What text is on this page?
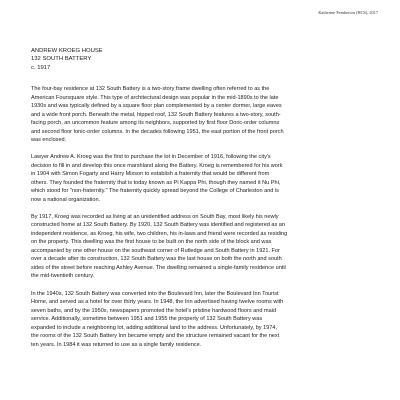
Katherine Pemberton (HCS), 2017
ANDREW KROEG HOUSE
132 SOUTH BATTERY
c. 1917
The four-bay residence at 132 South Battery is a two-story frame dwelling often referred to as the
American Foursquare style. This type of architectural design was popular in the mid-1890s to the late
1930s and was typically defined by a square floor plan complemented by a center dormer, large eaves
and a wide front porch. Beneath the metal, hipped roof, 132 South Battery features a two-story, south-
facing porch, an uncommon feature among its neighbors, supported by first floor Doric-order columns
and second floor Ionic-order columns. In the decades following 1951, the east portion of the front porch
was enclosed.
Lawyer Andrew A. Kroeg was the first to purchase the lot in December of 1916, following the city's
decision to fill in and develop this once marshland along the Battery. Kroeg is remembered for his work
in 1904 with Simon Fogarty and Harry Mixson to establish a fraternity that would be different from
others. They founded the fraternity that is today known as Pi Kappa Phi, though they named it Nu Phi,
which stood for "non-fraternity." The fraternity quickly spread beyond the College of Charleston and is
now a national organization.
By 1917, Kroeg was recorded as living at an unidentified address on South Bay, most likely his newly
constructed home at 132 South Battery. By 1920, 132 South Battery was identified and registered as an
independent residence, as Kroeg, his wife, two children, his in-laws and friend were recorded as residing
on the property. This dwelling was the first house to be built on the north side of the block and was
accompanied by one other house on the southeast corner of Rutledge and South Battery in 1921. For
over a decade after its construction, 132 South Battery was the last house on both the north and south
sides of the street before reaching Ashley Avenue. The dwelling remained a single-family residence until
the mid-twentieth century.
In the 1940s, 132 South Battery was converted into the Boulevard Inn, later the Boulevard Inn Tourist
Home, and served as a hotel for over thirty years. In 1948, the Inn advertised having twelve rooms with
seven baths, and by the 1950s, newspapers promoted the hotel's pristine hardwood floors and maid
service. Additionally, sometime between 1951 and 1955 the property of 132 South Battery was
expanded to include a neighboring lot, adding additional land to the address. Unfortunately, by 1974,
the rooms of the 132 South Battery Inn became empty and the structure remained vacant for the next
ten years. In 1984 it was returned to use as a single family residence.
